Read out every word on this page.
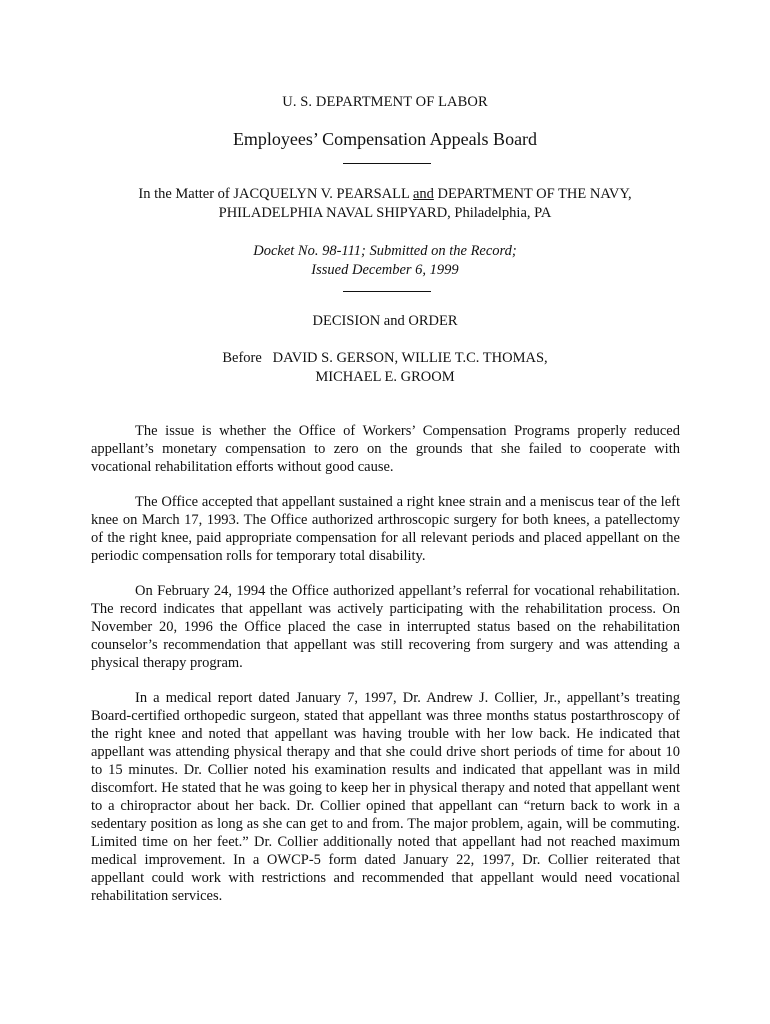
U. S. DEPARTMENT OF LABOR
Employees’ Compensation Appeals Board
In the Matter of JACQUELYN V. PEARSALL and DEPARTMENT OF THE NAVY,
PHILADELPHIA NAVAL SHIPYARD, Philadelphia, PA
Docket No. 98-111; Submitted on the Record;
Issued December 6, 1999
DECISION and ORDER
Before   DAVID S. GERSON, WILLIE T.C. THOMAS,
MICHAEL E. GROOM

The issue is whether the Office of Workers’ Compensation Programs properly reduced appellant’s monetary compensation to zero on the grounds that she failed to cooperate with vocational rehabilitation efforts without good cause.

The Office accepted that appellant sustained a right knee strain and a meniscus tear of the left knee on March 17, 1993. The Office authorized arthroscopic surgery for both knees, a patellectomy of the right knee, paid appropriate compensation for all relevant periods and placed appellant on the periodic compensation rolls for temporary total disability.

On February 24, 1994 the Office authorized appellant’s referral for vocational rehabilitation. The record indicates that appellant was actively participating with the rehabilitation process. On November 20, 1996 the Office placed the case in interrupted status based on the rehabilitation counselor’s recommendation that appellant was still recovering from surgery and was attending a physical therapy program.

In a medical report dated January 7, 1997, Dr. Andrew J. Collier, Jr., appellant’s treating Board-certified orthopedic surgeon, stated that appellant was three months status postarthroscopy of the right knee and noted that appellant was having trouble with her low back. He indicated that appellant was attending physical therapy and that she could drive short periods of time for about 10 to 15 minutes. Dr. Collier noted his examination results and indicated that appellant was in mild discomfort. He stated that he was going to keep her in physical therapy and noted that appellant went to a chiropractor about her back. Dr. Collier opined that appellant can “return back to work in a sedentary position as long as she can get to and from. The major problem, again, will be commuting. Limited time on her feet.” Dr. Collier additionally noted that appellant had not reached maximum medical improvement. In a OWCP-5 form dated January 22, 1997, Dr. Collier reiterated that appellant could work with restrictions and recommended that appellant would need vocational rehabilitation services.
